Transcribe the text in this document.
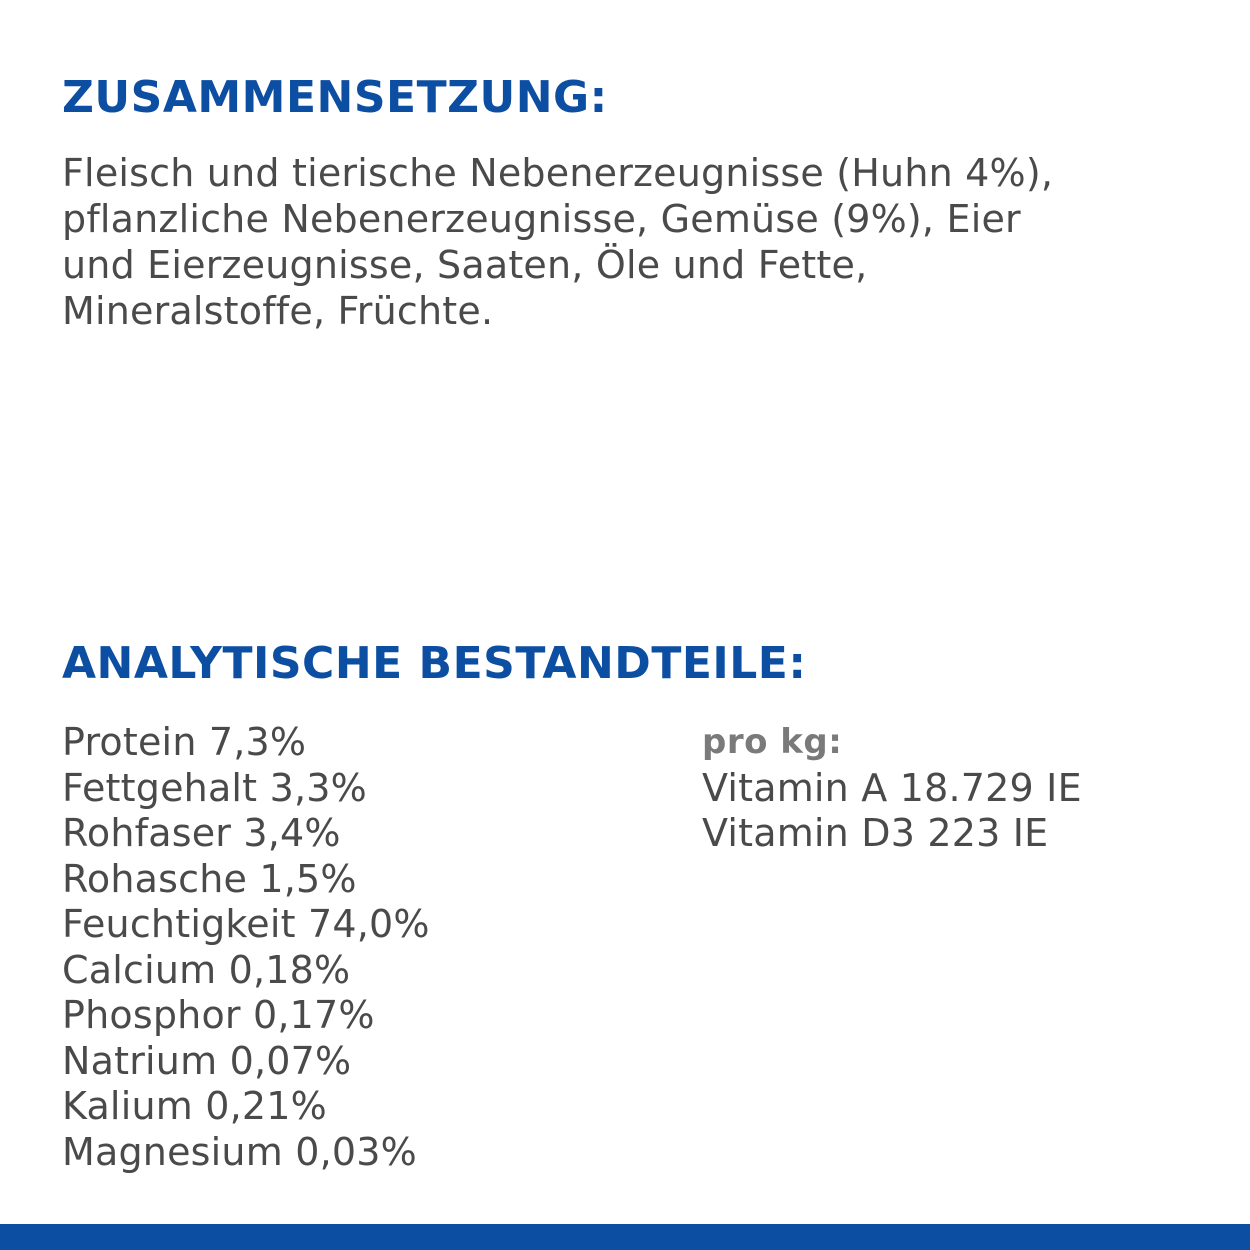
ZUSAMMENSETZUNG:

Fleisch und tierische Nebenerzeugnisse (Huhn 4%),
pflanzliche Nebenerzeugnisse, Gemüse (9%), Eier
und Eierzeugnisse, Saaten, Öle und Fette,
Mineralstoffe, Früchte.

ANALYTISCHE BESTANDTEILE:
Protein 7,3%
Fettgehalt 3,3%
Rohfaser 3,4%
Rohasche 1,5%
Feuchtigkeit 74,0%
Calcium 0,18%
Phosphor 0,17%
Natrium 0,07%
Kalium 0,21%
Magnesium 0,03%
pro kg:
Vitamin A 18.729 IE
Vitamin D3 223 IE
